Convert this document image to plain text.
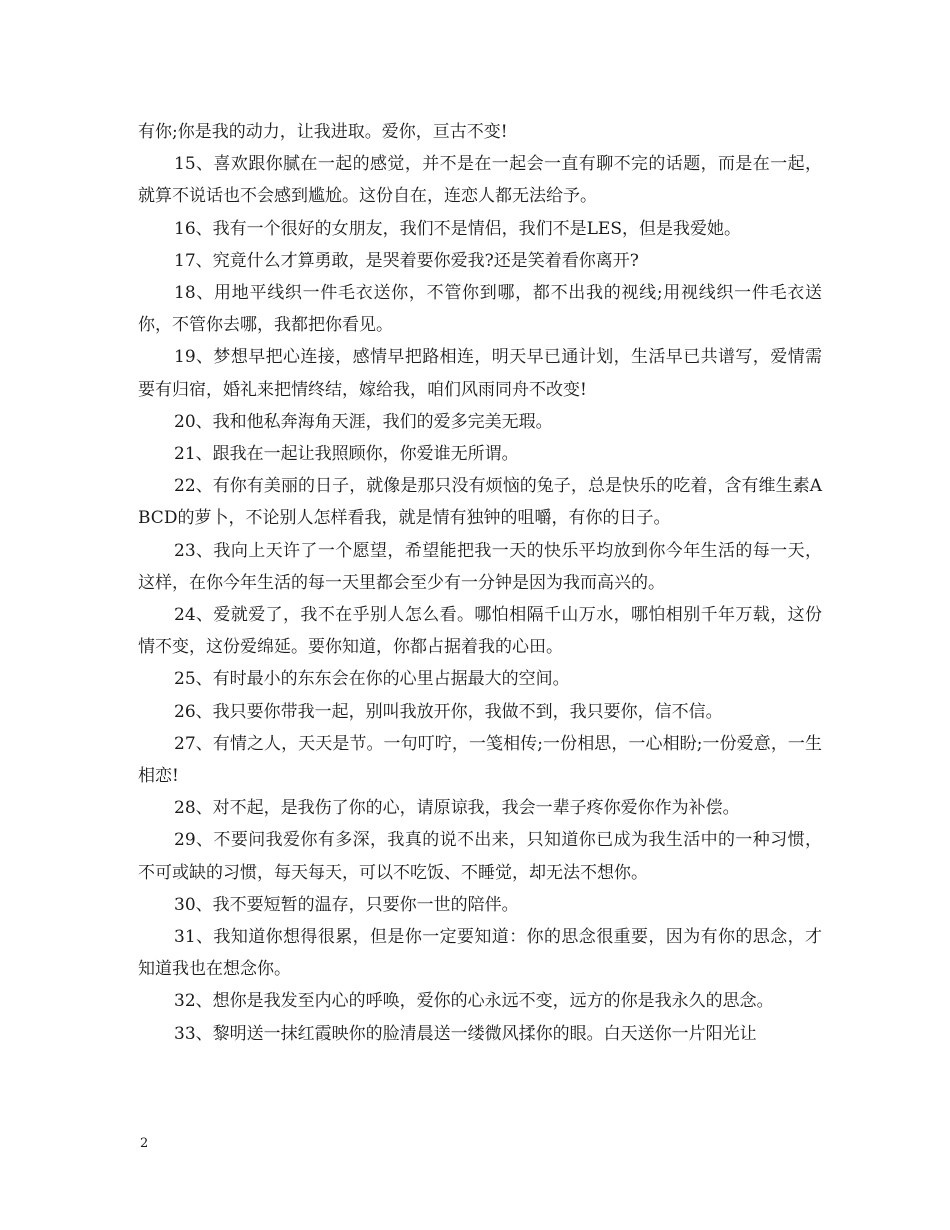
有你;你是我的动力，让我进取。爱你，亘古不变!

15、喜欢跟你腻在一起的感觉，并不是在一起会一直有聊不完的话题，而是在一起，就算不说话也不会感到尴尬。这份自在，连恋人都无法给予。

16、我有一个很好的女朋友，我们不是情侣，我们不是LES，但是我爱她。

17、究竟什么才算勇敢，是哭着要你爱我?还是笑着看你离开?

18、用地平线织一件毛衣送你，不管你到哪，都不出我的视线;用视线织一件毛衣送你，不管你去哪，我都把你看见。

19、梦想早把心连接，感情早把路相连，明天早已通计划，生活早已共谱写，爱情需要有归宿，婚礼来把情终结，嫁给我，咱们风雨同舟不改变!

20、我和他私奔海角天涯，我们的爱多完美无瑕。

21、跟我在一起让我照顾你，你爱谁无所谓。

22、有你有美丽的日子，就像是那只没有烦恼的兔子，总是快乐的吃着，含有维生素ABCD的萝卜，不论别人怎样看我，就是情有独钟的咀嚼，有你的日子。

23、我向上天许了一个愿望，希望能把我一天的快乐平均放到你今年生活的每一天，这样，在你今年生活的每一天里都会至少有一分钟是因为我而高兴的。

24、爱就爱了，我不在乎别人怎么看。哪怕相隔千山万水，哪怕相别千年万载，这份情不变，这份爱绵延。要你知道，你都占据着我的心田。

25、有时最小的东东会在你的心里占据最大的空间。

26、我只要你带我一起，别叫我放开你，我做不到，我只要你，信不信。

27、有情之人，天天是节。一句叮咛，一笺相传;一份相思，一心相盼;一份爱意，一生相恋!

28、对不起，是我伤了你的心，请原谅我，我会一辈子疼你爱你作为补偿。

29、不要问我爱你有多深，我真的说不出来，只知道你已成为我生活中的一种习惯，不可或缺的习惯，每天每天，可以不吃饭、不睡觉，却无法不想你。

30、我不要短暂的温存，只要你一世的陪伴。

31、我知道你想得很累，但是你一定要知道：你的思念很重要，因为有你的思念，才知道我也在想念你。

32、想你是我发至内心的呼唤，爱你的心永远不变，远方的你是我永久的思念。

33、黎明送一抹红霞映你的脸清晨送一缕微风揉你的眼。白天送你一片阳光让

2
